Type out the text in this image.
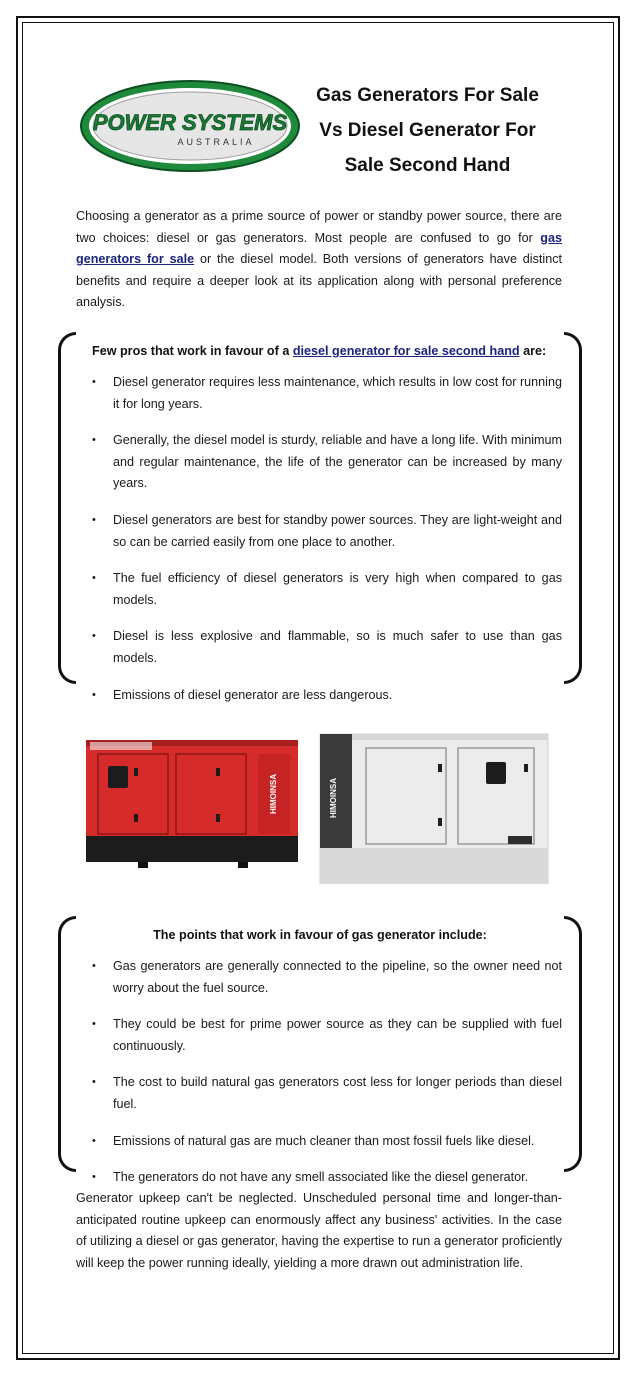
POWER SYSTEMS
AUSTRALIA
Gas Generators For Sale
Vs Diesel Generator For
Sale Second Hand

Choosing a generator as a prime source of power or standby power source, there are two choices: diesel or gas generators. Most people are confused to go for gas generators for sale or the diesel model. Both versions of generators have distinct benefits and require a deeper look at its application along with personal preference analysis.

Few pros that work in favour of a diesel generator for sale second hand are:
• Diesel generator requires less maintenance, which results in low cost for running it for long years.
• Generally, the diesel model is sturdy, reliable and have a long life. With minimum and regular maintenance, the life of the generator can be increased by many years.
• Diesel generators are best for standby power sources. They are light-weight and so can be carried easily from one place to another.
• The fuel efficiency of diesel generators is very high when compared to gas models.
• Diesel is less explosive and flammable, so is much safer to use than gas models.
• Emissions of diesel generator are less dangerous.
HIMOINSA	HIMOINSA
The points that work in favour of gas generator include:
• Gas generators are generally connected to the pipeline, so the owner need not worry about the fuel source.
• They could be best for prime power source as they can be supplied with fuel continuously.
• The cost to build natural gas generators cost less for longer periods than diesel fuel.
• Emissions of natural gas are much cleaner than most fossil fuels like diesel.
• The generators do not have any smell associated like the diesel generator.

Generator upkeep can't be neglected. Unscheduled personal time and longer-than-anticipated routine upkeep can enormously affect any business' activities. In the case of utilizing a diesel or gas generator, having the expertise to run a generator proficiently will keep the power running ideally, yielding a more drawn out administration life.
